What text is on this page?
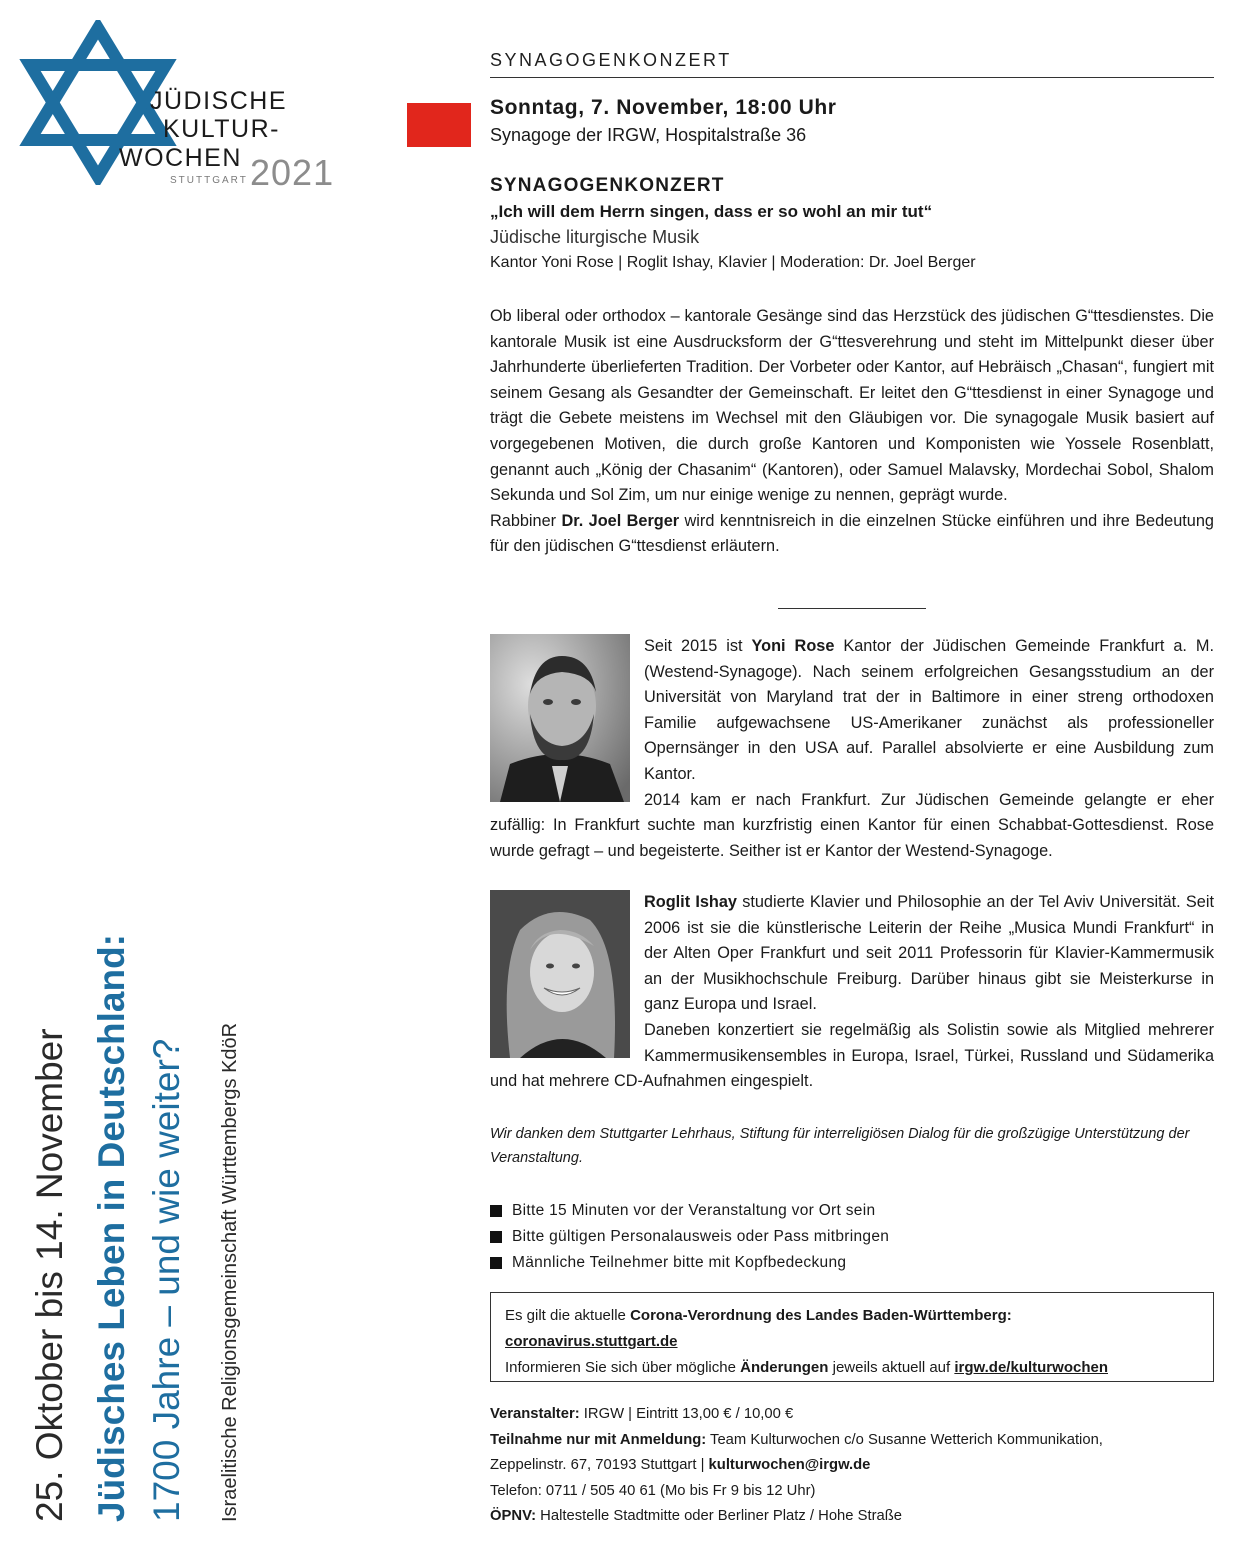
JÜDISCHE
KULTUR-
WOCHEN
STUTTGART 2021
25. Oktober bis 14. November Jüdisches Leben in Deutschland: 1700 Jahre – und wie weiter? Israelitische Religionsgemeinschaft Württembergs KdöR
SYNAGOGENKONZERT
Sonntag, 7. November, 18:00 Uhr
Synagoge der IRGW, Hospitalstraße 36
SYNAGOGENKONZERT
„Ich will dem Herrn singen, dass er so wohl an mir tut“
Jüdische liturgische Musik
Kantor Yoni Rose | Roglit Ishay, Klavier | Moderation: Dr. Joel Berger
Ob liberal oder orthodox – kantorale Gesänge sind das Herzstück des jüdischen G“ttesdienstes. Die kantorale Musik ist eine Ausdrucksform der G“ttesverehrung und steht im Mittelpunkt dieser über Jahrhunderte überlieferten Tradition. Der Vorbeter oder Kantor, auf Hebräisch „Chasan“, fungiert mit seinem Gesang als Gesandter der Gemeinschaft. Er leitet den G“ttesdienst in einer Synagoge und trägt die Gebete meistens im Wechsel mit den Gläubigen vor. Die synagogale Musik basiert auf vorgegebenen Motiven, die durch große Kantoren und Komponisten wie Yossele Rosenblatt, genannt auch „König der Chasanim“ (Kantoren), oder Samuel Malavsky, Mordechai Sobol, Shalom Sekunda und Sol Zim, um nur einige wenige zu nennen, geprägt wurde.
Rabbiner Dr. Joel Berger wird kenntnisreich in die einzelnen Stücke einführen und ihre Bedeutung für den jüdischen G“ttesdienst erläutern.
Seit 2015 ist Yoni Rose Kantor der Jüdischen Gemeinde Frankfurt a. M. (Westend-Synagoge). Nach seinem erfolgreichen Gesangsstudium an der Universität von Maryland trat der in Baltimore in einer streng orthodoxen Familie aufgewachsene US-Amerikaner zunächst als professioneller Opernsänger in den USA auf. Parallel absolvierte er eine Ausbildung zum Kantor.
2014 kam er nach Frankfurt. Zur Jüdischen Gemeinde gelangte er eher zufällig: In Frankfurt suchte man kurzfristig einen Kantor für einen Schabbat-Gottesdienst. Rose wurde gefragt – und begeisterte. Seither ist er Kantor der Westend-Synagoge.
Roglit Ishay studierte Klavier und Philosophie an der Tel Aviv Universität. Seit 2006 ist sie die künstlerische Leiterin der Reihe „Musica Mundi Frankfurt“ in der Alten Oper Frankfurt und seit 2011 Professorin für Klavier-Kammermusik an der Musikhochschule Freiburg. Darüber hinaus gibt sie Meisterkurse in ganz Europa und Israel.
Daneben konzertiert sie regelmäßig als Solistin sowie als Mitglied mehrerer Kammermusikensembles in Europa, Israel, Türkei, Russland und Südamerika und hat mehrere CD-Aufnahmen eingespielt.
Wir danken dem Stuttgarter Lehrhaus, Stiftung für interreligiösen Dialog für die großzügige Unterstützung der Veranstaltung.
Bitte 15 Minuten vor der Veranstaltung vor Ort sein
Bitte gültigen Personalausweis oder Pass mitbringen
Männliche Teilnehmer bitte mit Kopfbedeckung
Es gilt die aktuelle Corona-Verordnung des Landes Baden-Württemberg:
coronavirus.stuttgart.de
Informieren Sie sich über mögliche Änderungen jeweils aktuell auf irgw.de/kulturwochen
Veranstalter: IRGW | Eintritt 13,00 € / 10,00 €
Teilnahme nur mit Anmeldung: Team Kulturwochen c/o Susanne Wetterich Kommunikation,
Zeppelinstr. 67, 70193 Stuttgart | kulturwochen@irgw.de
Telefon: 0711 / 505 40 61 (Mo bis Fr 9 bis 12 Uhr)
ÖPNV: Haltestelle Stadtmitte oder Berliner Platz / Hohe Straße
